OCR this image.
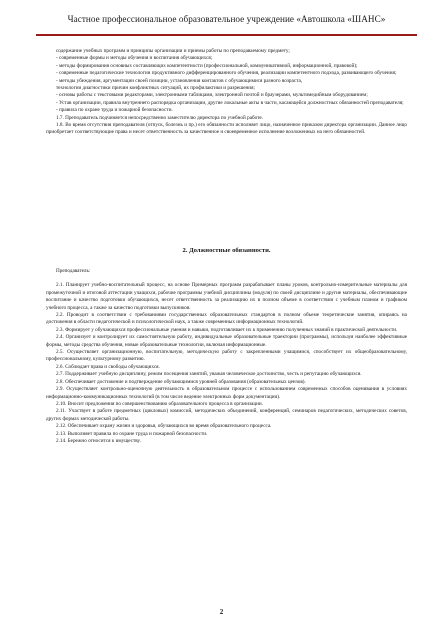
Частное профессиональное образовательное учреждение «Автошкола «ШАНС»

содержание учебных программ и принципы организации и приемы работы по преподаваемому предмету;

- современные формы и методы обучения и воспитания обучающихся;

- методы формирования основных составляющих компетентности (профессиональной, коммуникативной, информационной, правовой);

- современные педагогические технологии продуктивного дифференцированного обучения, реализации компетентного подхода, развивающего обучения;

- методы убеждения, аргументации своей позиции, установления контактов с обучающимися разного возраста,

технологии диагностики причин конфликтных ситуаций, их профилактики и разрешения;

- основы работы с текстовыми редакторами, электронными таблицами, электронной почтой и браузерами, мультимедийным оборудованием;

- Устав организации, правила внутреннего распорядка организации, другие локальные акты в части, касающейся должностных обязанностей преподавателя;

- правила по охране труда и пожарной безопасности.

1.7. Преподаватель подчиняется непосредственно заместителю директора по учебной работе.

1.8. Во время отсутствия преподавателя (отпуск, болезнь и пр.) его обязанности исполняет лицо, назначенное приказом директора организации. Данное лицо приобретает соответствующие права и несет ответственность за качественное и своевременное исполнение возложенных на него обязанностей.

2. Должностные обязанности.

Преподаватель:

2.1. Планирует учебно-воспитательный процесс, на основе Примерных программ разрабатывает планы уроков, контрольно-измерительные материалы для промежуточной и итоговой аттестации учащихся, рабочие программы учебной дисциплины (модуля) по своей дисциплине и другие материалы, обеспечивающие воспитание и качество подготовки обучающихся, несет ответственность за реализацию их в полном объеме в соответствии с учебным планом и графиком учебного процесса, а также за качество подготовки выпускников.

2.2. Проводит в соответствии с требованиями государственных образовательных стандартов в полном объеме теоретические занятия, опираясь на достижения в области педагогической и психологической наук, а также современных информационных технологий.

2.3. Формирует у обучающихся профессиональные умения и навыки, подготавливает их к применению полученных знаний в практической деятельности.

2.4. Организует и контролирует их самостоятельную работу, индивидуальные образовательные траектории (программы), используя наиболее эффективные формы, методы средства обучения, новые образовательные технологии, включая информационные.

2.5. Осуществляет организационную, воспитательную, методическую работу с закрепленными учащимися, способствует их общеобразовательному, профессиональному, культурному развитию.

2.6. Соблюдает права и свободы обучающихся.

2.7. Поддерживает учебную дисциплину, режим посещения занятий, уважая человеческое достоинство, честь и репутацию обучающихся.

2.8. Обеспечивает достижение и подтверждение обучающимися уровней образования (образовательных цензов).

2.9. Осуществляет контрольно-оценочную деятельность в образовательном процессе с использованием современных способов оценивания в условиях информационно-коммуникационных технологий (в том числе ведение электронных форм документации).

2.10. Вносит предложения по совершенствованию образовательного процесса в организации.

2.11. Участвует в работе предметных (цикловых) комиссий, методических объединений, конференций, семинаров педагогических, методических советов, других формах методической работы.

2.12. Обеспечивает охрану жизни и здоровья, обучающихся во время образовательного процесса.

2.13. Выполняет правила по охране труда и пожарной безопасности.

2.14. Бережно относится к имуществу.

2
